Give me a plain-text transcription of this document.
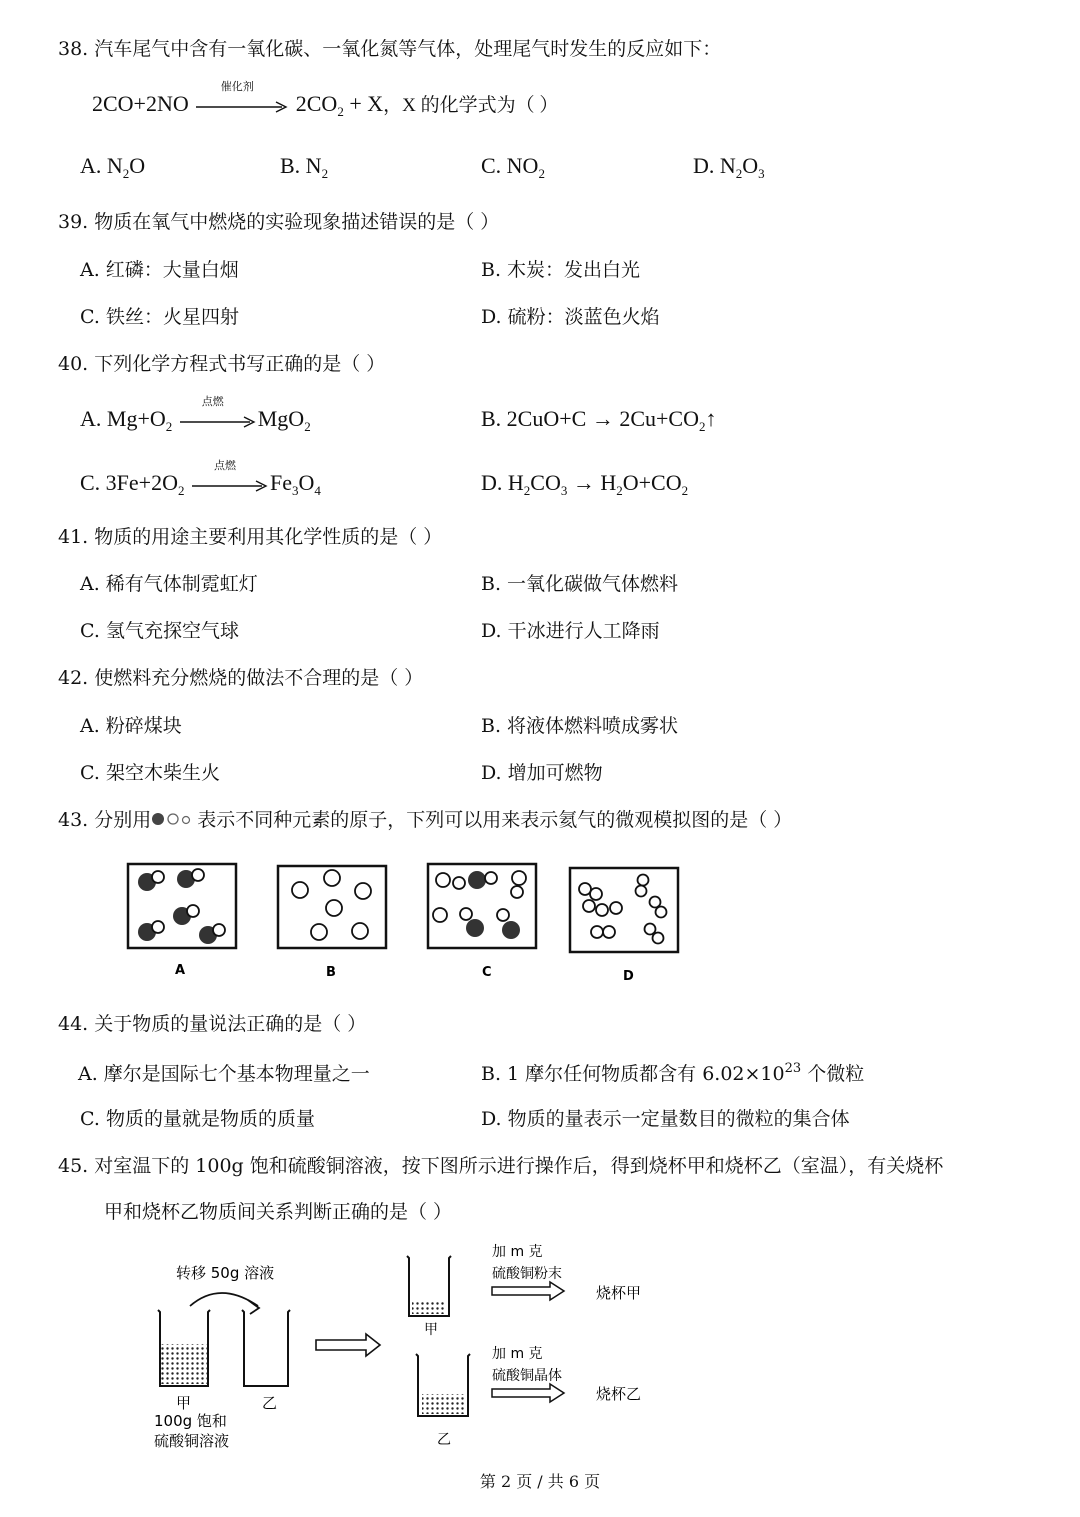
38. 汽车尾气中含有一氧化碳、一氧化氮等气体，处理尾气时发生的反应如下：
2CO+2NO
催化剂
$2CO_2 + X$，X 的化学式为（ ）
A. $N_2O$	B. $N_2$	C. $NO_2$	D. $N_2O_3$
39. 物质在氧气中燃烧的实验现象描述错误的是（ ）
A. 红磷：大量白烟	B. 木炭：发出白光
C. 铁丝：火星四射	D. 硫粉：淡蓝色火焰
40. 下列化学方程式书写正确的是（ ）
A. $Mg+O_2$
点燃
MgO$_2$	B. $2CuO+C \to 2Cu+CO_2↑$
C. $3Fe+2O_2$
点燃
$Fe_3O_4$	D. $H_2CO_3 \to H_2O+CO_2$
41. 物质的用途主要利用其化学性质的是（ ）
A. 稀有气体制霓虹灯	B. 一氧化碳做气体燃料
C. 氢气充探空气球	D. 干冰进行人工降雨
42. 使燃料充分燃烧的做法不合理的是（ ）
A. 粉碎煤块	B. 将液体燃料喷成雾状
C. 架空木柴生火	D. 增加可燃物
43. 分别用 表示不同种元素的原子，下列可以用来表示氦气的微观模拟图的是（ ）
A	B	C	D
44. 关于物质的量说法正确的是（ ）
A. 摩尔是国际七个基本物理量之一	B. 1 摩尔任何物质都含有 $6.02\times 10^{23}$ 个微粒
C. 物质的量就是物质的质量	D. 物质的量表示一定量数目的微粒的集合体
45. 对室温下的 100g 饱和硫酸铜溶液，按下图所示进行操作后，得到烧杯甲和烧杯乙（室温），有关烧杯
甲和烧杯乙物质间关系判断正确的是（ ）
转移 50g 溶液
甲	乙
100g 饱和
硫酸铜溶液
甲
乙
加 m 克
硫酸铜粉末
烧杯甲
加 m 克
硫酸铜晶体
烧杯乙
第 2 页 / 共 6 页
